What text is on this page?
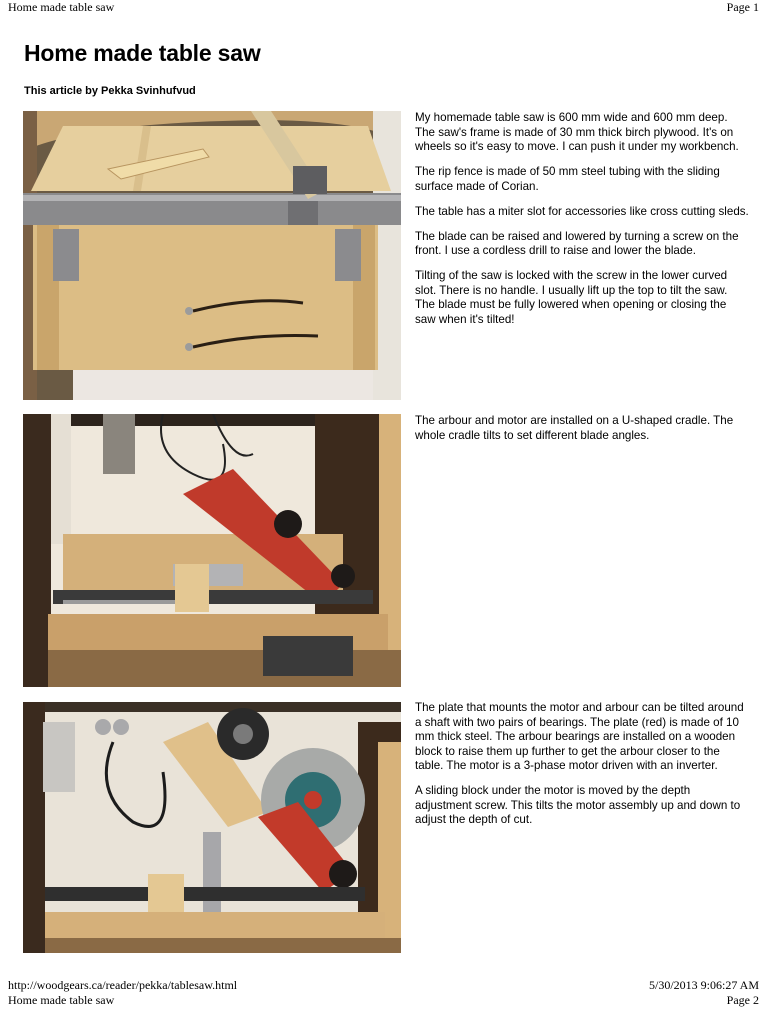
Home made table saw	Page 1
Home made table saw

This article by Pekka Svinhufvud

My homemade table saw is 600 mm wide and 600 mm deep. The saw's frame is made of 30 mm thick birch plywood. It's on wheels so it's easy to move. I can push it under my workbench.

The rip fence is made of 50 mm steel tubing with the sliding surface made of Corian.

The table has a miter slot for accessories like cross cutting sleds.

The blade can be raised and lowered by turning a screw on the front. I use a cordless drill to raise and lower the blade.

Tilting of the saw is locked with the screw in the lower curved slot. There is no handle. I usually lift up the top to tilt the saw. The blade must be fully lowered when opening or closing the saw when it's tilted!

The arbour and motor are installed on a U-shaped cradle. The whole cradle tilts to set different blade angles.

The plate that mounts the motor and arbour can be tilted around a shaft with two pairs of bearings. The plate (red) is made of 10 mm thick steel. The arbour bearings are installed on a wooden block to raise them up further to get the arbour closer to the table. The motor is a 3-phase motor driven with an inverter.

A sliding block under the motor is moved by the depth adjustment screw. This tilts the motor assembly up and down to adjust the depth of cut.

http://woodgears.ca/reader/pekka/tablesaw.html	5/30/2013 9:06:27 AM
Home made table saw	Page 2
